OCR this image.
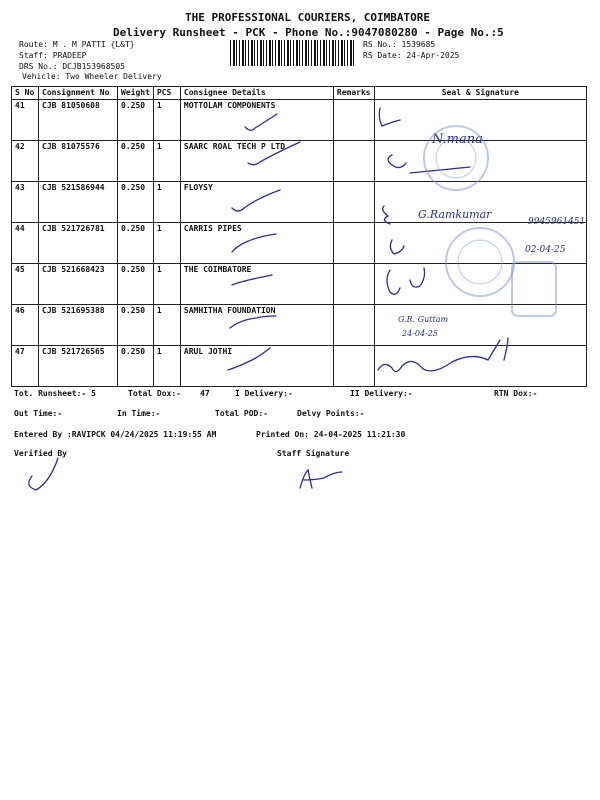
THE PROFESSIONAL COURIERS, COIMBATORE
Delivery Runsheet - PCK - Phone No.:9047080280 - Page No.:5
Route: M . M PATTI {L&T}
Staff: PRADEEP
DRS No.: DCJB153968505
Vehicle: Two Wheeler Delivery
RS No.: 1539685
RS Date: 24-Apr-2025
S No	Consignment No	Weight	PCS	Consignee Details	Remarks	Seal & Signature
41	CJB 81050608	0.250	1	MOTTOLAM COMPONENTS		
42	CJB 81075576	0.250	1	SAARC ROAL TECH P LTD		
43	CJB 521586944	0.250	1	FLOYSY		
44	CJB 521726781	0.250	1	CARRIS PIPES		
45	CJB 521668423	0.250	1	THE COIMBATORE		
46	CJB 521695388	0.250	1	SAMHITHA FOUNDATION		
47	CJB 521726565	0.250	1	ARUL JOTHI		
Tot. Runsheet:- 5	Total Dox:- 47	I Delivery:-	II Delivery:-	RTN Dox:-
Out Time:-	In Time:-	Total POD:-	Delvy Points:-
Entered By :RAVIPCK 04/24/2025 11:19:55 AM	Printed On: 24-04-2025 11:21:30
Verified By	Staff Signature
N.mana
G.Ramkumar
9945961451
02-04-25
G.R. Guttam
24-04-25
